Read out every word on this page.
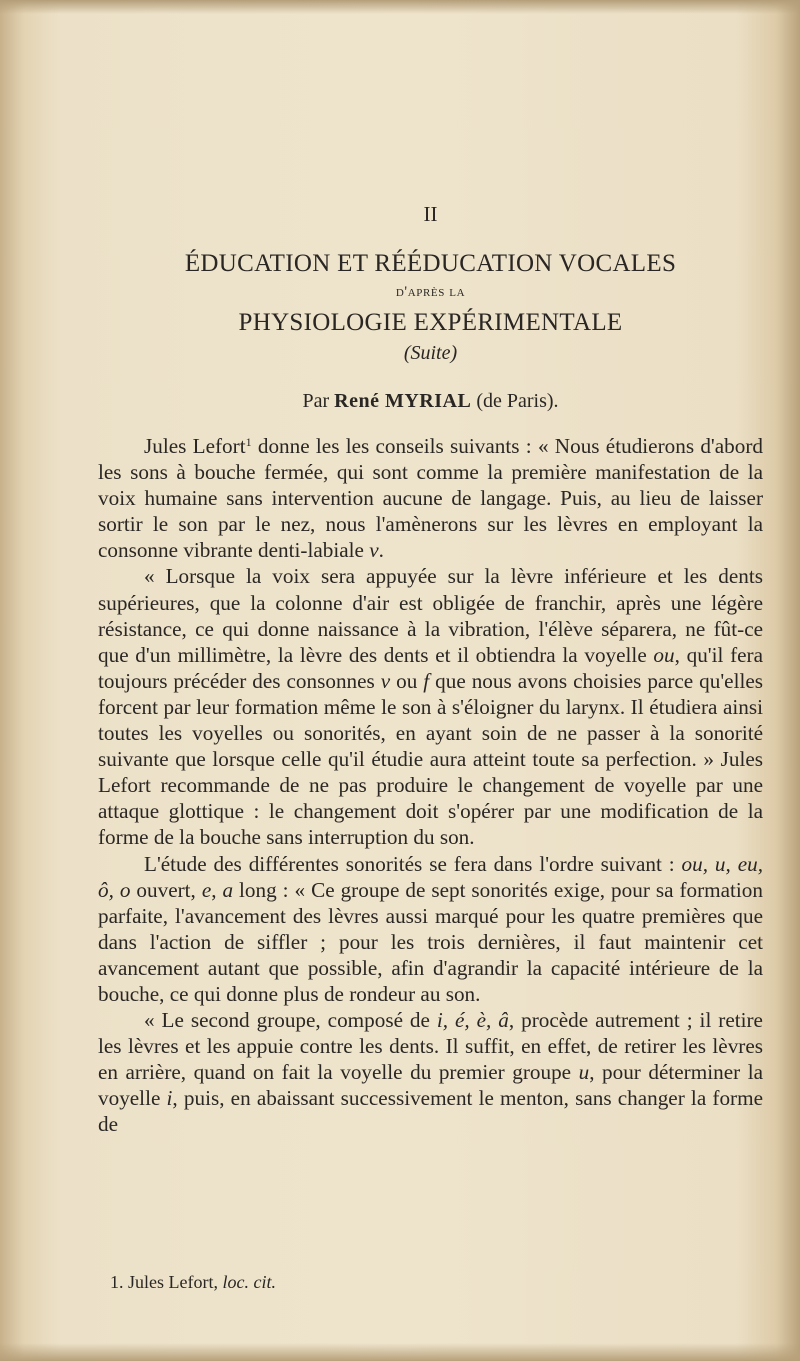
II
ÉDUCATION ET RÉÉDUCATION VOCALES
d'après la
PHYSIOLOGIE EXPÉRIMENTALE
(Suite)
Par René MYRIAL (de Paris).

Jules Lefort$^1$ donne les les conseils suivants : « Nous étudierons d'abord les sons à bouche fermée, qui sont comme la première manifestation de la voix humaine sans intervention aucune de langage. Puis, au lieu de laisser sortir le son par le nez, nous l'amènerons sur les lèvres en employant la consonne vibrante denti-labiale v.

« Lorsque la voix sera appuyée sur la lèvre inférieure et les dents supérieures, que la colonne d'air est obligée de franchir, après une légère résistance, ce qui donne naissance à la vibration, l'élève séparera, ne fût-ce que d'un millimètre, la lèvre des dents et il obtiendra la voyelle ou, qu'il fera toujours précéder des consonnes v ou f que nous avons choisies parce qu'elles forcent par leur formation même le son à s'éloigner du larynx. Il étudiera ainsi toutes les voyelles ou sonorités, en ayant soin de ne passer à la sonorité suivante que lorsque celle qu'il étudie aura atteint toute sa perfection. » Jules Lefort recommande de ne pas produire le changement de voyelle par une attaque glottique : le changement doit s'opérer par une modification de la forme de la bouche sans interruption du son.

L'étude des différentes sonorités se fera dans l'ordre suivant : ou, u, eu, ô, o ouvert, e, a long : « Ce groupe de sept sonorités exige, pour sa formation parfaite, l'avancement des lèvres aussi marqué pour les quatre premières que dans l'action de siffler ; pour les trois dernières, il faut maintenir cet avancement autant que possible, afin d'agrandir la capacité intérieure de la bouche, ce qui donne plus de rondeur au son.

« Le second groupe, composé de i, é, è, â, procède autrement ; il retire les lèvres et les appuie contre les dents. Il suffit, en effet, de retirer les lèvres en arrière, quand on fait la voyelle du premier groupe u, pour déterminer la voyelle i, puis, en abaissant successivement le menton, sans changer la forme de

1. Jules Lefort, loc. cit.
